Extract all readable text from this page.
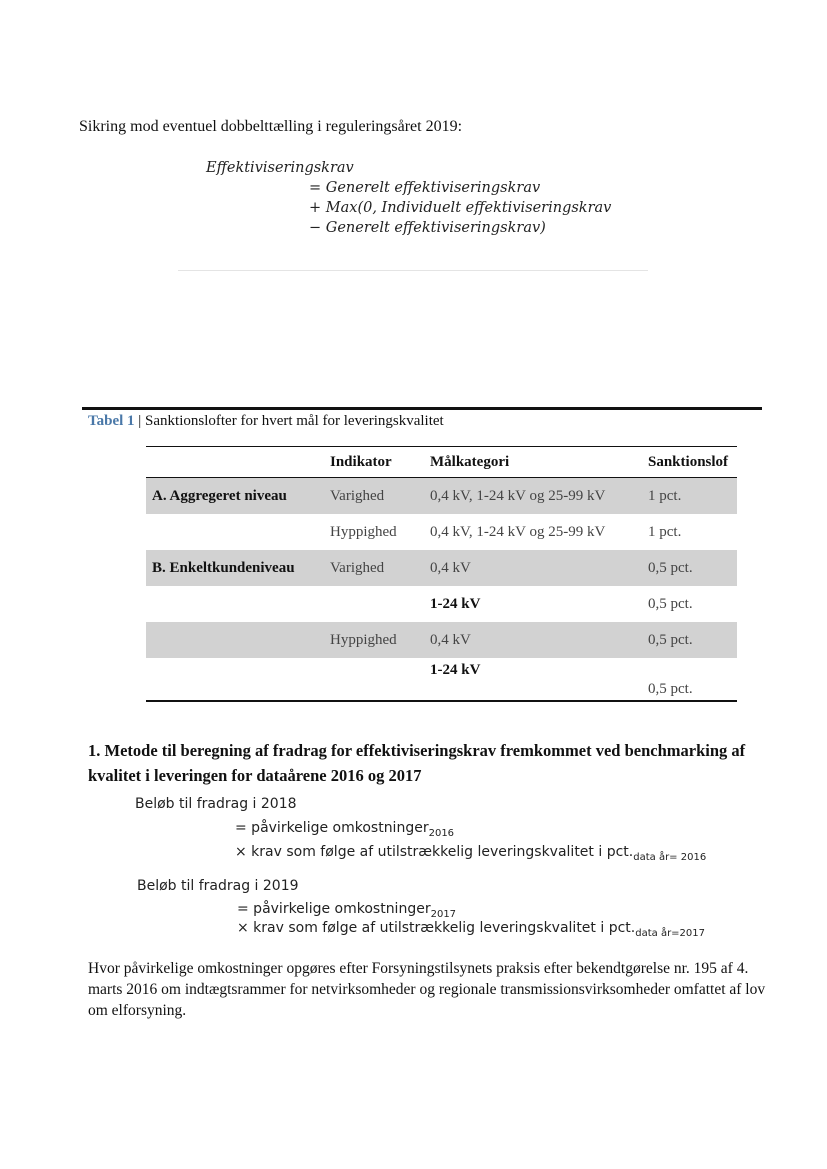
Sikring mod eventuel dobbelttælling i reguleringsåret 2019:
Effektiviseringskrav
= Generelt effektiviseringskrav
+ Max(0, Individuelt effektiviseringskrav
− Generelt effektiviseringskrav)
Tabel 1 | Sanktionslofter for hvert mål for leveringskvalitet
	Indikator	Målkategori	Sanktionslof
A. Aggregeret niveau	Varighed	0,4 kV, 1-24 kV og 25-99 kV	1 pct.
	Hyppighed	0,4 kV, 1-24 kV og 25-99 kV	1 pct.
B. Enkeltkundeniveau	Varighed	0,4 kV	0,5 pct.
		1-24 kV	0,5 pct.
	Hyppighed	0,4 kV	0,5 pct.
		1-24 kV	0,5 pct.
1. Metode til beregning af fradrag for effektiviseringskrav fremkommet ved benchmarking af kvalitet i leveringen for dataårene 2016 og 2017
Beløb til fradrag i 2018
= påvirkelige omkostninger$_{2016}$
× krav som følge af utilstrækkelig leveringskvalitet i $pct._{data år= 2016}$
Beløb til fradrag i 2019
= påvirkelige omkostninger$_{2017}$
× krav som følge af utilstrækkelig leveringskvalitet i $pct._{data år=2017}$
Hvor påvirkelige omkostninger opgøres efter Forsyningstilsynets praksis efter bekendtgørelse nr. 195 af 4. marts 2016 om indtægtsrammer for netvirksomheder og regionale transmissionsvirksomheder omfattet af lov om elforsyning.
